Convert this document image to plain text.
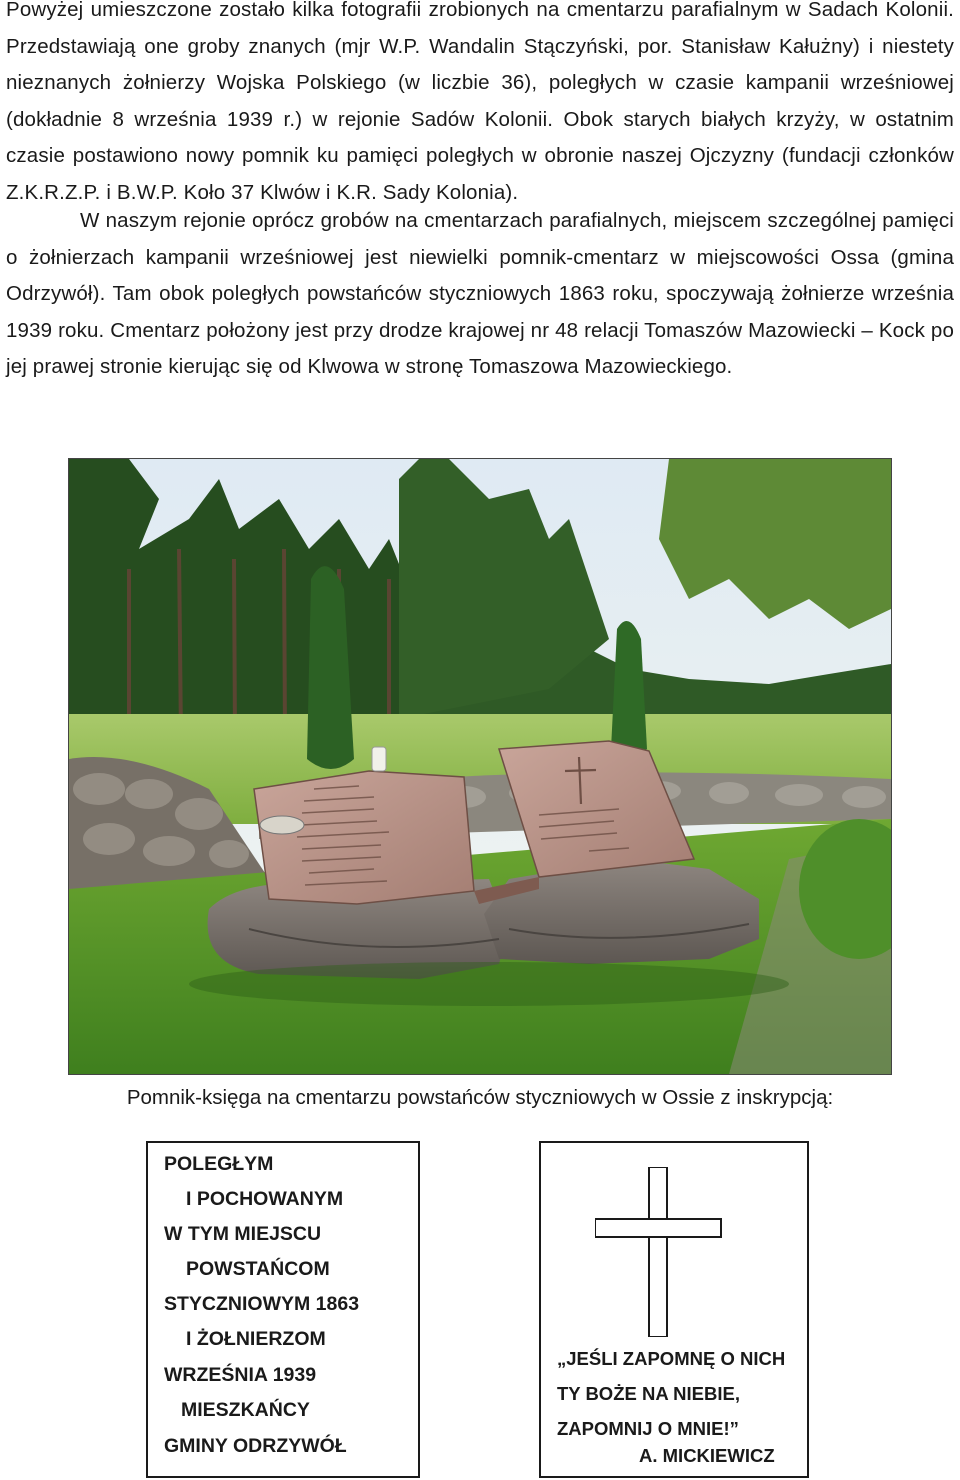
Powyżej umieszczone zostało kilka fotografii zrobionych na cmentarzu parafialnym w Sadach Kolonii. Przedstawiają one groby znanych (mjr W.P. Wandalin Stączyński, por. Stanisław Kałużny) i niestety nieznanych żołnierzy Wojska Polskiego (w liczbie 36), poległych w czasie kampanii wrześniowej (dokładnie 8 września 1939 r.) w rejonie Sadów Kolonii. Obok starych białych krzyży, w ostatnim czasie postawiono nowy pomnik ku pamięci poległych w obronie naszej Ojczyzny (fundacji członków Z.K.R.Z.P. i B.W.P. Koło 37 Klwów i K.R. Sady Kolonia).

W naszym rejonie oprócz grobów na cmentarzach parafialnych, miejscem szczególnej pamięci o żołnierzach kampanii wrześniowej jest niewielki pomnik-cmentarz w miejscowości Ossa (gmina Odrzywół). Tam obok poległych powstańców styczniowych 1863 roku, spoczywają żołnierze września 1939 roku. Cmentarz położony jest przy drodze krajowej nr 48 relacji Tomaszów Mazowiecki – Kock po jej prawej stronie kierując się od Klwowa w stronę Tomaszowa Mazowieckiego.

Pomnik-księga na cmentarzu powstańców styczniowych w Ossie z inskrypcją:

POLEGŁYM

I POCHOWANYM

W TYM MIEJSCU

POWSTAŃCOM

STYCZNIOWYM 1863

I ŻOŁNIERZOM

WRZEŚNIA 1939

MIESZKAŃCY

GMINY ODRZYWÓŁ

„JEŚLI ZAPOMNĘ O NICH

TY BOŻE NA NIEBIE,

ZAPOMNIJ O MNIE!”

A. MICKIEWICZ
